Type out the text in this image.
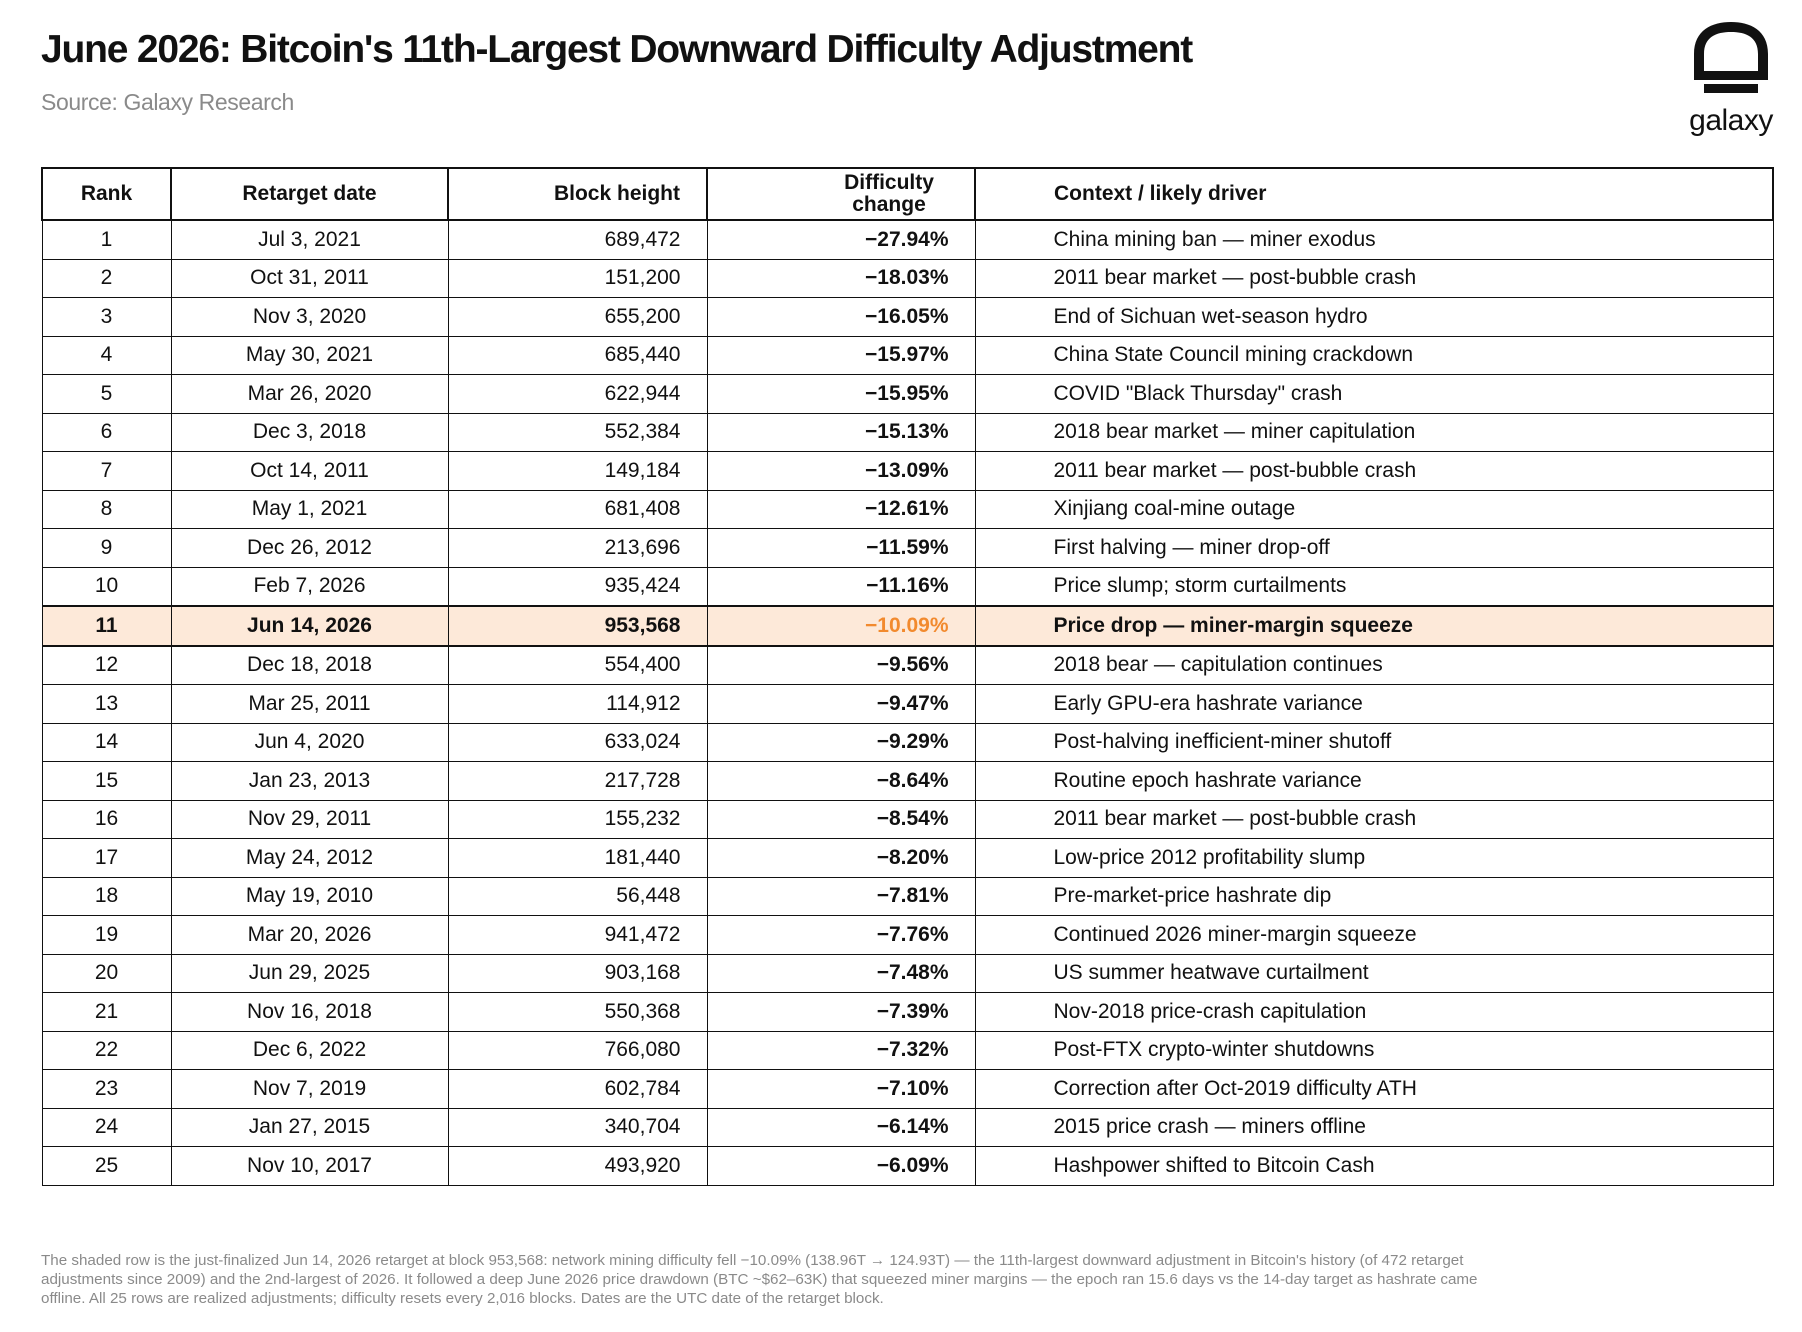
June 2026: Bitcoin's 11th-Largest Downward Difficulty Adjustment
Source: Galaxy Research
galaxy
Rank	Retarget date	Block height	Difficulty change	Context / likely driver
1	Jul 3, 2021	689,472	−27.94%	China mining ban — miner exodus
2	Oct 31, 2011	151,200	−18.03%	2011 bear market — post-bubble crash
3	Nov 3, 2020	655,200	−16.05%	End of Sichuan wet-season hydro
4	May 30, 2021	685,440	−15.97%	China State Council mining crackdown
5	Mar 26, 2020	622,944	−15.95%	COVID "Black Thursday" crash
6	Dec 3, 2018	552,384	−15.13%	2018 bear market — miner capitulation
7	Oct 14, 2011	149,184	−13.09%	2011 bear market — post-bubble crash
8	May 1, 2021	681,408	−12.61%	Xinjiang coal-mine outage
9	Dec 26, 2012	213,696	−11.59%	First halving — miner drop-off
10	Feb 7, 2026	935,424	−11.16%	Price slump; storm curtailments
11	Jun 14, 2026	953,568	−10.09%	Price drop — miner-margin squeeze
12	Dec 18, 2018	554,400	−9.56%	2018 bear — capitulation continues
13	Mar 25, 2011	114,912	−9.47%	Early GPU-era hashrate variance
14	Jun 4, 2020	633,024	−9.29%	Post-halving inefficient-miner shutoff
15	Jan 23, 2013	217,728	−8.64%	Routine epoch hashrate variance
16	Nov 29, 2011	155,232	−8.54%	2011 bear market — post-bubble crash
17	May 24, 2012	181,440	−8.20%	Low-price 2012 profitability slump
18	May 19, 2010	56,448	−7.81%	Pre-market-price hashrate dip
19	Mar 20, 2026	941,472	−7.76%	Continued 2026 miner-margin squeeze
20	Jun 29, 2025	903,168	−7.48%	US summer heatwave curtailment
21	Nov 16, 2018	550,368	−7.39%	Nov-2018 price-crash capitulation
22	Dec 6, 2022	766,080	−7.32%	Post-FTX crypto-winter shutdowns
23	Nov 7, 2019	602,784	−7.10%	Correction after Oct-2019 difficulty ATH
24	Jan 27, 2015	340,704	−6.14%	2015 price crash — miners offline
25	Nov 10, 2017	493,920	−6.09%	Hashpower shifted to Bitcoin Cash
The shaded row is the just-finalized Jun 14, 2026 retarget at block 953,568: network mining difficulty fell −10.09% (138.96T → 124.93T) — the 11th-largest downward adjustment in Bitcoin's history (of 472 retarget adjustments since 2009) and the 2nd-largest of 2026. It followed a deep June 2026 price drawdown (BTC ~$62–63K) that squeezed miner margins — the epoch ran 15.6 days vs the 14-day target as hashrate came offline. All 25 rows are realized adjustments; difficulty resets every 2,016 blocks. Dates are the UTC date of the retarget block.
